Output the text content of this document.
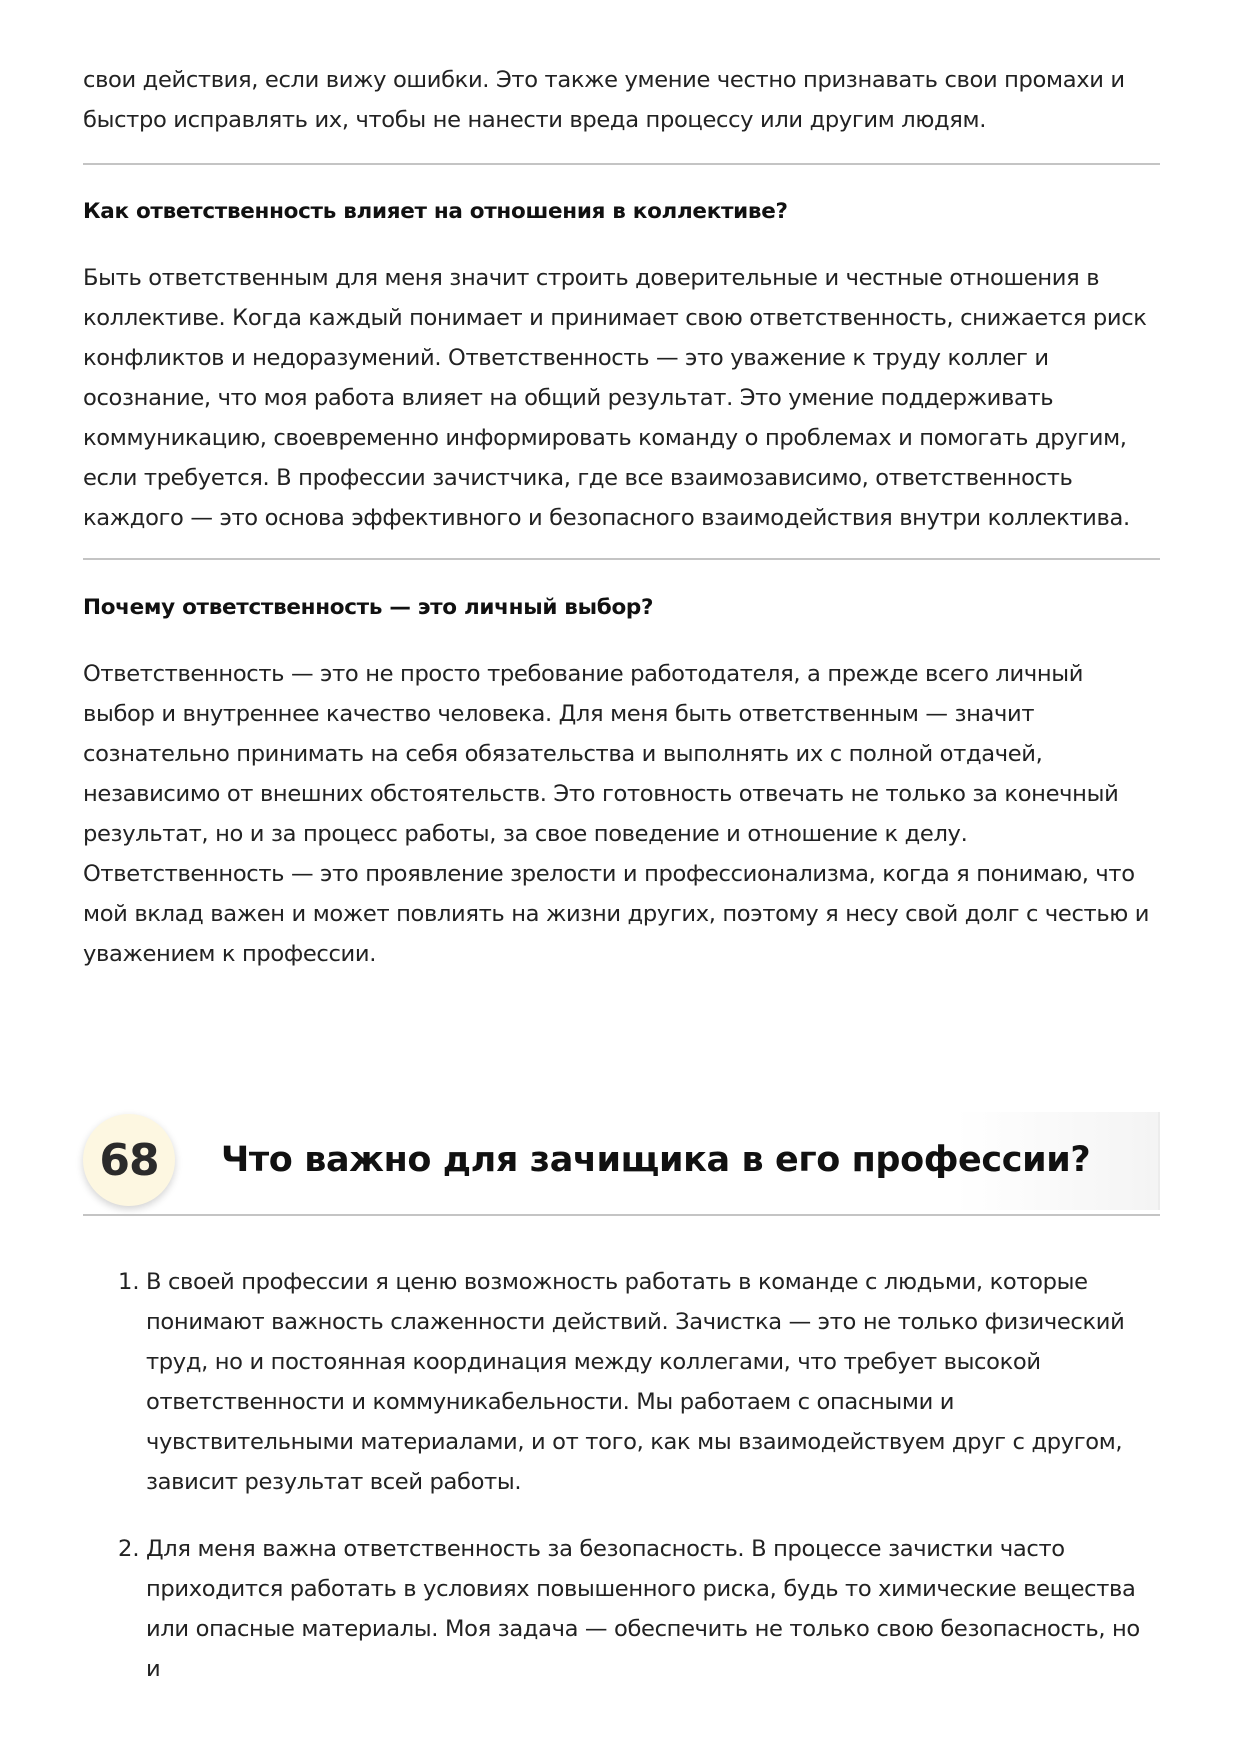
свои действия, если вижу ошибки. Это также умение честно признавать свои промахи и быстро исправлять их, чтобы не нанести вреда процессу или другим людям.

Как ответственность влияет на отношения в коллективе?

Быть ответственным для меня значит строить доверительные и честные отношения в коллективе. Когда каждый понимает и принимает свою ответственность, снижается риск конфликтов и недоразумений. Ответственность — это уважение к труду коллег и осознание, что моя работа влияет на общий результат. Это умение поддерживать коммуникацию, своевременно информировать команду о проблемах и помогать другим, если требуется. В профессии зачистчика, где все взаимозависимо, ответственность каждого — это основа эффективного и безопасного взаимодействия внутри коллектива.

Почему ответственность — это личный выбор?

Ответственность — это не просто требование работодателя, а прежде всего личный выбор и внутреннее качество человека. Для меня быть ответственным — значит сознательно принимать на себя обязательства и выполнять их с полной отдачей, независимо от внешних обстоятельств. Это готовность отвечать не только за конечный результат, но и за процесс работы, за свое поведение и отношение к делу. Ответственность — это проявление зрелости и профессионализма, когда я понимаю, что мой вклад важен и может повлиять на жизни других, поэтому я несу свой долг с честью и уважением к профессии.

68	Что важно для зачищика в его профессии?
1. В своей профессии я ценю возможность работать в команде с людьми, которые понимают важность слаженности действий. Зачистка — это не только физический труд, но и постоянная координация между коллегами, что требует высокой ответственности и коммуникабельности. Мы работаем с опасными и чувствительными материалами, и от того, как мы взаимодействуем друг с другом, зависит результат всей работы.

2. Для меня важна ответственность за безопасность. В процессе зачистки часто приходится работать в условиях повышенного риска, будь то химические вещества или опасные материалы. Моя задача — обеспечить не только свою безопасность, но и
